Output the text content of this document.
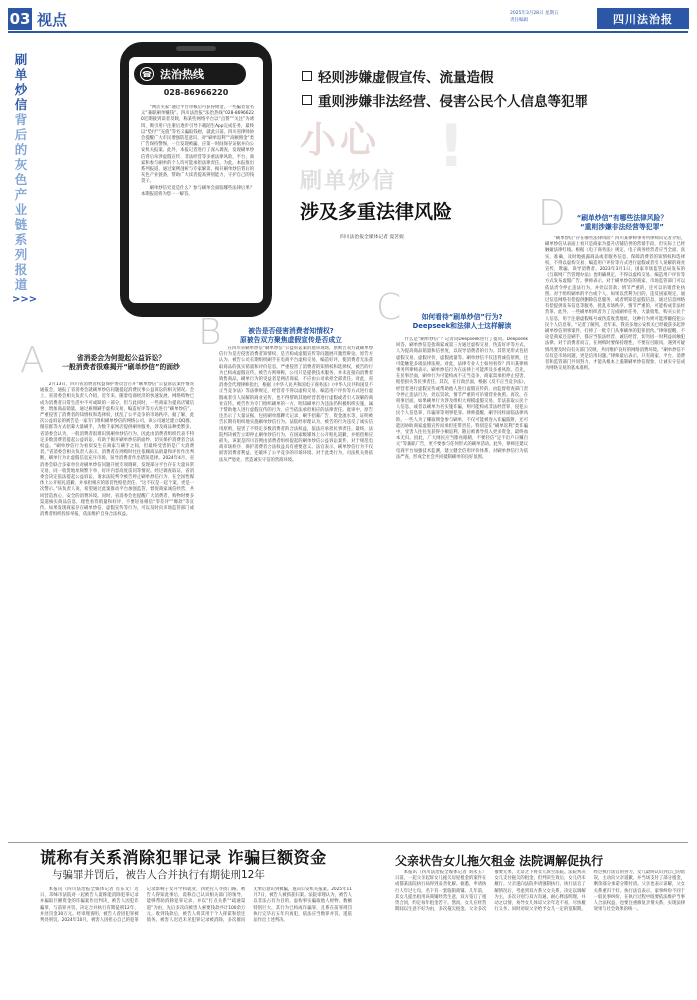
03 视点	2025年3月28日 星期五
责任编辑	四川法治报
刷
单
炒
信
背
后
的
灰
色
产
业
链
系
列
报
道
>>>
☎ 法治热线
028-86966220

“网店买家”通过平台审核后可获得佣金，一些骗者借名义“兼职刷单赚钱”。四川法治报“法治热线”028-86966220近期接到读者反映，称某些网络平台以“点赞”“关注”为诱饵，吸引用户注册后逐步引导下载陌生App完成任务，最终以“垫付”“充值”等名义骗取钱财，就此日前，四川省律师协会提醒广大市民增强防范意识，对“刷单返利”“高额佣金”类广告保持警惕，一旦发现被骗，应第一时间保存证据并向公安机关报案。此外，本报记者进行了深入调查，发现刷单炒信背后牵涉虚假宣传、非法经营等多重法律风险，平台、商家和参与刷单的个人均可能承担法律责任。为此，本报推出系列报道，通过案例剖析与专家解读，揭开刷单炒信背后的灰色产业链条，帮助广大读者提高辨别能力，守护自己的钱袋子。

刷单炒信究竟是什么？参与刷单会面临哪些法律后果？本期报道将为您一一解答。

轻则涉嫌虚假宣传、流量造假
重则涉嫌非法经营、侵害公民个人信息等犯罪
小心 !
刷单炒信
涉及多重法律风险
四川法治报全媒体记者 夏茗妮
A
B
C
D
省消委会为何提起公益诉讼？
一般消费者很难揭开“刷单炒信”的面纱
被告是否侵害消费者知情权?
原被告双方聚焦虚假宣传是否成立
如何看待“刷单炒信”行为?
Deepseek和法律人士这样解读
“刷单炒信”有哪些法律风险？
“重则涉嫌非法经营等犯罪”

2月13日，四川省消费者权益保护委员会召开“刷单炒信”公益诉讼案件情况通报会，通报了省消委会就刷单炒信问题提起消费民事公益诉讼的相关情况。会上，省消委会相关负责人介绍，近年来，随着电商经济的快速发展，网络购物已成为消费者日常生活中不可或缺的一部分，但与此同时，一些商家为提高店铺信誉、增加商品销量，通过雇佣刷手虚构交易、编造好评等方式进行“刷单炒信”，严重侵害了消费者的知情权和选择权，扰乱了公平竞争的市场秩序。据了解，此次公益诉讼的被告是一家专门组织刷单炒信的网络公司，该公司通过建立QQ群、微信群等方式招募大量刷手，为数千家网店提供刷单服务，涉及商品种类繁多。省消委会认为，一般消费者很难识别刷单炒信行为，因此由消费者组织代表不特定多数消费者提起公益诉讼，有助于揭开刷单炒信的面纱，切实保护消费者合法权益。“刷单炒信行为看似发生在商家与刷手之间，但最终受害的是广大消费者。”省消委会相关负责人表示，消费者在网购时往往依赖商品销量和评价作出判断，刷单行为让虚假信息充斥市场，误导消费者作出错误选择。2024年4月，省消委会联合多家单位对刷单炒信问题开展专项调研，发现部分平台存在大量异常交易，同一收货地址频繁下单、好评内容高度雷同等情况。经过调查取证，省消委会决定依法提起公益诉讼，请求法院判令被告停止刷单炒信行为、在全国性媒体上公开赔礼道歉，并承担相应的惩罚性赔偿责任。“这不仅是一起个案，更是一次警示。”该负责人说，希望通过此案推动平台加强监管，督促商家诚信经营，共同营造放心、安全的消费环境。同时，省消委会也提醒广大消费者，购物时要多渠道核实商品信息，理性看待销量和好评，不要轻易相信“零差评”“爆款”等宣传。如果发现商家存在刷单炒信、虚假宣传等行为，可以及时向市场监管部门或消费者组织投诉举报，依法维护自身合法权益。

在四川省刷单炒信“刷单炒信”公益诉讼案的庭审现场，原被告双方就刷单炒信行为是否侵害消费者知情权、是否构成虚假宣传等问题展开激烈辩论。原告方认为，被告公司长期组织刷手在电商平台虚构交易、编造好评，使消费者无法获取商品的真实销量和评价信息，严重侵害了消费者的知情权和选择权，被告的行为已构成虚假宣传。被告方则辩称，公司只是提供技术服务，并未直接向消费者销售商品，刷单行为的受益者是网店商家，不应由公司承担全部责任。对此，省消委会代理律师指出，根据《中华人民共和国电子商务法》《中华人民共和国反不正当竞争法》等法律规定，经营者不得以虚构交易、编造用户评价等方式进行虚假或者引人误解的商业宣传，也不得帮助其他经营者进行虚假或者引人误解的商业宣传。被告作为专门组织刷单的一方，明知刷单行为违法仍积极组织实施，属于帮助他人进行虚假宣传的行为，应当依法承担相应的法律责任。庭审中，原告还出示了大量证据，包括刷单群聊天记录、刷手招募广告、资金流水等，证明被告长期有组织地实施刷单炒信行为。法院经审理认为，被告的行为违反了诚实信用原则，侵害了不特定多数消费者的合法权益，依法应承担民事责任。最终，法院判决被告立即停止刷单炒信行为，在国家级媒体上公开赔礼道歉，并赔偿相应损失。该案是四川首例由消费者组织提起的刷单炒信公益诉讼案件，对于规范电商市场秩序、保护消费者合法权益具有重要意义。法官表示，刷单炒信行为不仅损害消费者利益，还破坏了公平竞争的市场环境，对于此类行为，司法机关将依法从严惩处，营造诚实守信的营商环境。

什么是“刷单炒信”？记者向Deepseek进行了提问。Deepseek回答，刷单炒信是指商家或第三方通过虚构交易、伪造好评等方式，人为提高商品销量和信誉度，以误导消费者的行为。其常见形式包括虚假交易、虚假评价、虚假流量等。刷单炒信不仅违背诚信原则，还可能触犯多项法律法规。对此，法律专业人士如何看待？四川某律师事务所律师表示，刷单炒信行为在法律上可能涉及多重风险。首先，在民事层面，刷单行为可能构成不正当竞争，商家需承担停止侵害、赔偿损失等民事责任。其次，在行政层面，根据《反不正当竞争法》，经营者进行虚假宣传或帮助他人进行虚假宣传的，由监督检查部门责令停止违法行为，处以罚款，情节严重的可吊销营业执照。再次，在刑事层面，如果刷单行为涉及组织大规模虚假交易、非法获取公民个人信息，或者以刷单为名实施诈骗，则可能构成非法经营罪、侵犯公民个人信息罪、诈骗罪等刑事犯罪。律师提醒，刷手同样面临法律风险。一些人为了赚取佣金参与刷单，不仅可能被卷入诈骗陷阱，还可能因协助商家虚假宣传而承担连带责任。特别是在“刷单返利”类诈骗中，受害人往往先获得小额返利，随后被诱导投入更多资金，最终血本无归。因此，广大网民应当擦亮眼睛，不要轻信“足不出户日赚百元”等兼职广告，更不要参与任何形式的刷单活动。此外，律师还建议电商平台加强技术监测，建立健全信用评价体系，对刷单炒信行为依法严查，形成全社会共同抵制刷单的良好氛围。

“刷单炒信”存在哪些法律风险？四川某律师事务所律师向记者介绍，刷单炒信从表面上看只是商家为提升店铺信誉的营销手段，但实际上已经触碰法律红线。根据《电子商务法》规定，电子商务经营者应当全面、真实、准确、及时地披露商品或者服务信息，保障消费者的知情权和选择权，不得以虚构交易、编造用户评价等方式进行虚假或者引人误解的商业宣传，欺骗、误导消费者。2023年3月1日，国家市场监管总局发布的《互联网广告管理办法》也明确规定，不得以虚构交易、编造用户评价等方式发布虚假广告。律师表示，对于刷单炒信的商家，市场监管部门可以依法责令停止违法行为，并处以罚款；情节严重的，还可以吊销营业执照。对于组织刷单的平台或个人，如果以营利为目的，违反国家规定，通过信息网络有偿提供删除信息服务，或者明知是虚假信息，通过信息网络有偿提供发布信息等服务，扰乱市场秩序，情节严重的，可能构成非法经营罪。此外，一些刷单组织者为了完成刷单任务，大量收集、购买公民个人信息，用于注册虚假账号或伪造收货地址，这种行为则可能涉嫌侵犯公民个人信息罪。“记者了解到，近年来，我省多地公安机关已经破获多起涉刷单炒信刑事案件，打掉了一批专门从事刷单的犯罪团伙。”律师提醒，不论是商家还是刷手，都应当依法经营、诚信经营，切勿因一时利益而触犯法律。对于消费者而言，在网购时要保持理性，不要盲目跟风，遇到可疑情况要及时向有关部门反映，共同维护良好的网络消费环境。“刷单炒信不仅仅是市场问题，更是信用问题。”律师最后表示，只有商家、平台、消费者和监管部门共同努力，才能从根本上遏制刷单炒信现象，让诚实守信成为网络交易的基本准则。

谎称有关系消除犯罪记录 诈骗巨额资金
与骗罪并罚后，被告人合并执行有期徒刑12年

本报讯（四川法治报全媒体记者 肖东文）近日，邛崃市法院对一起被告人谎称能消除犯罪记录并骗取巨额资金的诈骗案作出判决，被告人因犯诈骗罪，与前罪并罚，决定合并执行有期徒刑12年，并处罚金30万元。经审理查明，被告人曾因犯罪被判处刑罚。2024年10月，被害人因担心自己的犯罪记录影响子女升学和就业，四处托人寻找门路。被告人得知此事后，谎称自己认识相关部门的领导，能够帮助消除犯罪记录，并以“打点关系”“疏通渠道”为由，先后多次向被害人索要钱款共计100余万元。收到钱款后，被告人将其用于个人挥霍和偿还债务。被害人迟迟未见犯罪记录被消除，多次催问无果后意识到被骗，遂向公安机关报案。2025年11月7日，被告人被抓获归案。法院审理认为，被告人以非法占有为目的，虚构事实骗取他人财物，数额特别巨大，其行为已构成诈骗罪，且系在前罪刑罚执行完毕后五年内再犯，依法应当数罪并罚。遂依法作出上述判决。

父亲状告女儿拖欠租金 法院调解促执行

本报讯（四川法治报全媒体记者 刘永玉）日前，一起父亲起诉女儿拖欠房屋租金的案件在成都某法院执行局得到妥善化解。据悉，申请执行人年过七旬，名下有一套临街商铺。几年前，其女儿提出租用该商铺经营生意，双方签订了租赁合同，约定每年租金若干。然而，女儿在经营期间以生意不好为由，多次拖欠租金。父亲多次催要无果，无奈之下将女儿诉至法院。法院判决女儿支付拖欠的租金，但判决生效后，女儿仍未履行。父亲遂向法院申请强制执行。执行法官了解情况后，考虑到双方系父女关系，决定以调解为主，多次分别与双方沟通，耐心释法明理，并动之以情，劝导女儿体谅父亲年迈不易，尽快履行义务；同时劝说父亲给予女儿一定的宽限期。经过执行法官的努力，女儿最终认识到自己的错误，主动向父亲道歉，并当场支付了部分租金，剩余部分承诺分期付清。父亲也表示谅解，父女关系重归于好。执行法官表示，家事纠纷不同于一般民事纠纷，在执行过程中既要依法维护当事人合法权益，也要注重修复亲情关系，实现法律效果与社会效果的统一。
